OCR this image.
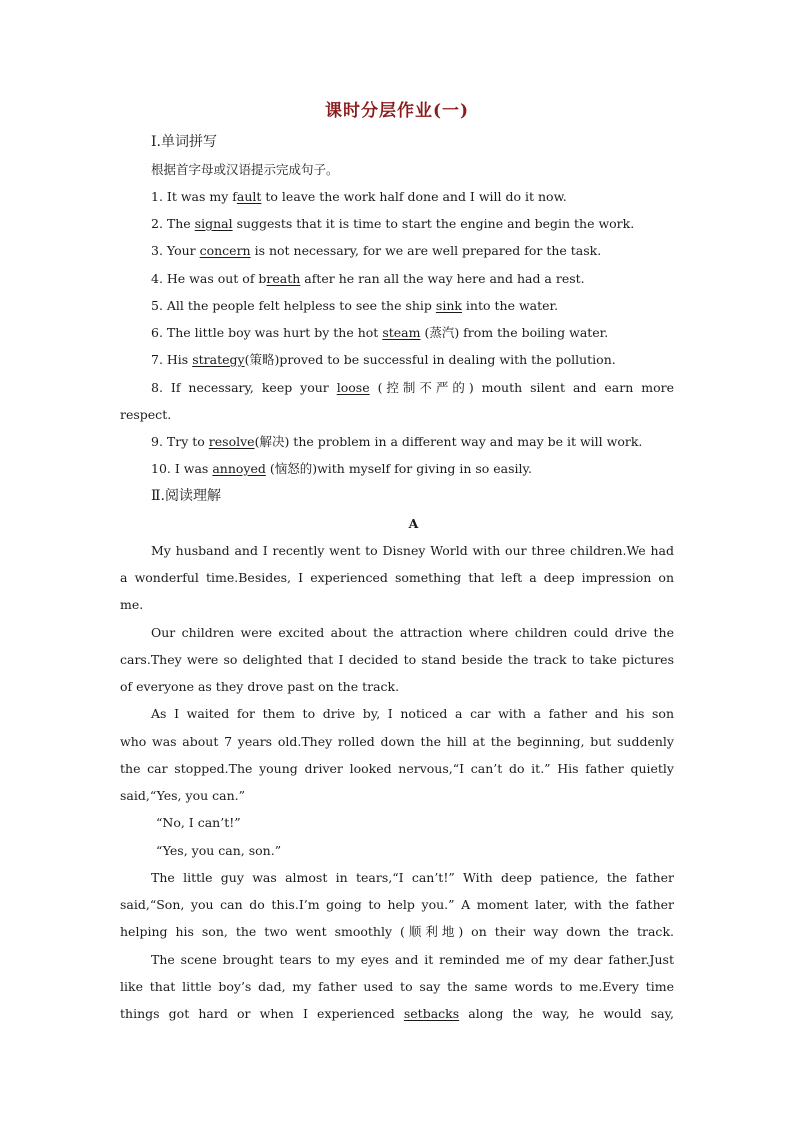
课时分层作业(一)
Ⅰ.单词拼写
根据首字母或汉语提示完成句子。
1. It was my fault to leave the work half done and I will do it now.
2. The signal suggests that it is time to start the engine and begin the work.
3. Your concern is not necessary, for we are well prepared for the task.
4. He was out of breath after he ran all the way here and had a rest.
5. All the people felt helpless to see the ship sink into the water.
6. The little boy was hurt by the hot steam (蒸汽) from the boiling water.
7. His strategy(策略)proved to be successful in dealing with the pollution.
8. If necessary, keep your loose (控制不严的) mouth silent and earn more
respect.
9. Try to resolve(解决) the problem in a different way and may be it will work.
10. I was annoyed (恼怒的)with myself for giving in so easily.
Ⅱ.阅读理解
A
My husband and I recently went to Disney World with our three children.We had
a wonderful time.Besides, I experienced something that left a deep impression on
me.
Our children were excited about the attraction where children could drive the
cars.They were so delighted that I decided to stand beside the track to take pictures
of everyone as they drove past on the track.
As I waited for them to drive by, I noticed a car with a father and his son
who was about 7 years old.They rolled down the hill at the beginning, but suddenly
the car stopped.The young driver looked nervous,“I can’t do it.” His father quietly
said,“Yes, you can.”
“No, I can’t!”
“Yes, you can, son.”
The little guy was almost in tears,“I can’t!” With deep patience, the father
said,“Son, you can do this.I’m going to help you.” A moment later, with the father
helping his son, the two went smoothly (顺利地) on their way down the track.
The scene brought tears to my eyes and it reminded me of my dear father.Just
like that little boy’s dad, my father used to say the same words to me.Every time
things got hard or when I experienced setbacks along the way, he would say,
